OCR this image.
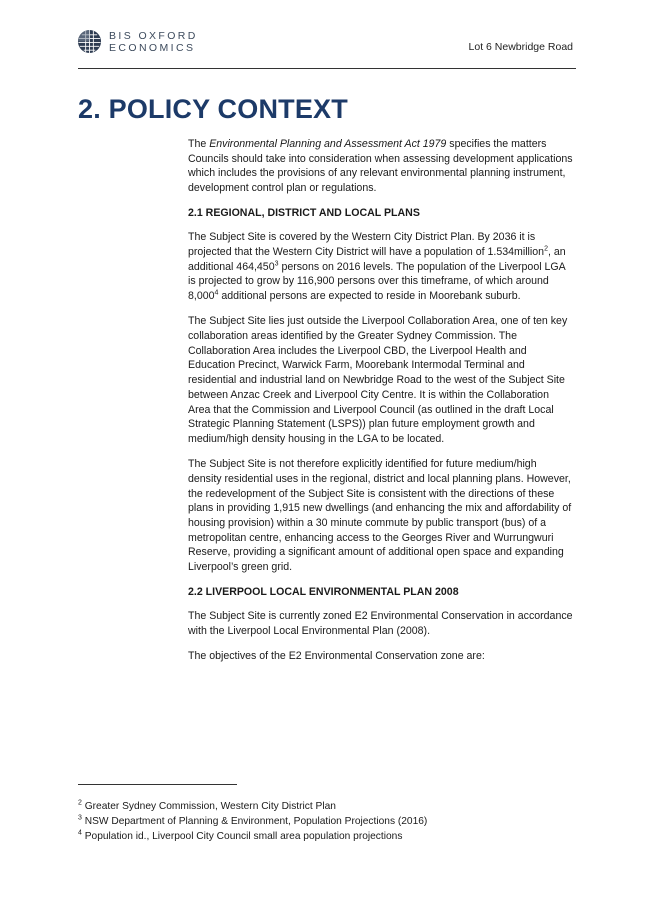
BIS OXFORD
ECONOMICS	Lot 6 Newbridge Road
2. POLICY CONTEXT

The Environmental Planning and Assessment Act 1979 specifies the matters Councils should take into consideration when assessing development applications which includes the provisions of any relevant environmental planning instrument, development control plan or regulations.

2.1 REGIONAL, DISTRICT AND LOCAL PLANS

The Subject Site is covered by the Western City District Plan. By 2036 it is projected that the Western City District will have a population of 1.534million$^2$, an additional 464,450$^3$ persons on 2016 levels. The population of the Liverpool LGA is projected to grow by 116,900 persons over this timeframe, of which around 8,000$^4$ additional persons are expected to reside in Moorebank suburb.

The Subject Site lies just outside the Liverpool Collaboration Area, one of ten key collaboration areas identified by the Greater Sydney Commission. The Collaboration Area includes the Liverpool CBD, the Liverpool Health and Education Precinct, Warwick Farm, Moorebank Intermodal Terminal and residential and industrial land on Newbridge Road to the west of the Subject Site between Anzac Creek and Liverpool City Centre. It is within the Collaboration Area that the Commission and Liverpool Council (as outlined in the draft Local Strategic Planning Statement (LSPS)) plan future employment growth and medium/high density housing in the LGA to be located.

The Subject Site is not therefore explicitly identified for future medium/high density residential uses in the regional, district and local planning plans. However, the redevelopment of the Subject Site is consistent with the directions of these plans in providing 1,915 new dwellings (and enhancing the mix and affordability of housing provision) within a 30 minute commute by public transport (bus) of a metropolitan centre, enhancing access to the Georges River and Wurrungwuri Reserve, providing a significant amount of additional open space and expanding Liverpool’s green grid.

2.2 LIVERPOOL LOCAL ENVIRONMENTAL PLAN 2008

The Subject Site is currently zoned E2 Environmental Conservation in accordance with the Liverpool Local Environmental Plan (2008).

The objectives of the E2 Environmental Conservation zone are:

$^2$ Greater Sydney Commission, Western City District Plan
$^3$ NSW Department of Planning & Environment, Population Projections (2016)
$^4$ Population id., Liverpool City Council small area population projections
